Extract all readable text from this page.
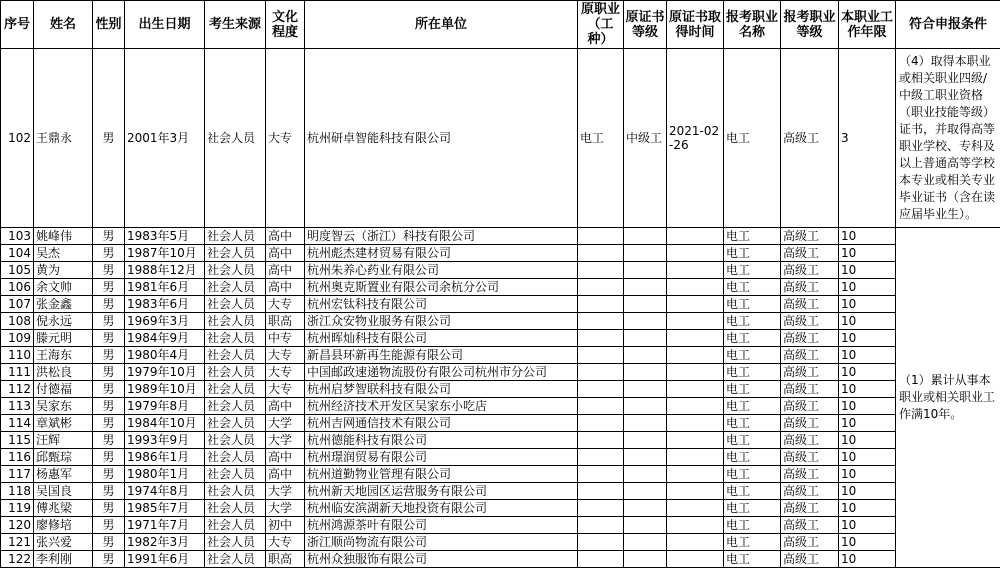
序号	姓名	性别	出生日期	考生来源	文化程度	所在单位	原职业（工种）	原证书等级	原证书取得时间	报考职业名称	报考职业等级	本职业工作年限	符合申报条件
102	王鼎永	男	2001年3月	社会人员	大专	杭州研卓智能科技有限公司	电工	中级工	2021-02-26	电工	高级工	3	（4）取得本职业或相关职业四级/中级工职业资格（职业技能等级）证书，并取得高等职业学校、专科及以上普通高等学校本专业或相关专业毕业证书（含在读应届毕业生）。
103	姚峰伟	男	1983年5月	社会人员	高中	明度智云（浙江）科技有限公司				电工	高级工	10	（1）累计从事本职业或相关职业工作满10年。
104	吴杰	男	1987年10月	社会人员	高中	杭州彪杰建材贸易有限公司				电工	高级工	10	
105	黄为	男	1988年12月	社会人员	高中	杭州朱养心药业有限公司				电工	高级工	10	
106	余文帅	男	1981年6月	社会人员	高中	杭州奥克斯置业有限公司余杭分公司				电工	高级工	10	
107	张金鑫	男	1983年6月	社会人员	大专	杭州宏钛科技有限公司				电工	高级工	10	
108	倪永远	男	1969年3月	社会人员	职高	浙江众安物业服务有限公司				电工	高级工	10	
109	滕元明	男	1984年9月	社会人员	中专	杭州晖灿科技有限公司				电工	高级工	10	
110	王海东	男	1980年4月	社会人员	大专	新昌县环新再生能源有限公司				电工	高级工	10	
111	洪松良	男	1979年10月	社会人员	大专	中国邮政速递物流股份有限公司杭州市分公司				电工	高级工	10	
112	付德福	男	1989年10月	社会人员	大专	杭州启梦智联科技有限公司				电工	高级工	10	
113	吴家东	男	1979年8月	社会人员	高中	杭州经济技术开发区吴家东小吃店				电工	高级工	10	
114	章斌彬	男	1984年10月	社会人员	大学	杭州吉网通信技术有限公司				电工	高级工	10	
115	汪辉	男	1993年9月	社会人员	大学	杭州德能科技有限公司				电工	高级工	10	
116	邱甄琮	男	1986年1月	社会人员	高中	杭州璟润贸易有限公司				电工	高级工	10	
117	杨惠军	男	1980年1月	社会人员	高中	杭州道勤物业管理有限公司				电工	高级工	10	
118	吴国良	男	1974年8月	社会人员	大学	杭州新天地园区运营服务有限公司				电工	高级工	10	
119	傅兆梁	男	1985年7月	社会人员	大学	杭州临安滨湖新天地投资有限公司				电工	高级工	10	
120	廖修培	男	1971年7月	社会人员	初中	杭州鸿源茶叶有限公司				电工	高级工	10	
121	张兴爱	男	1982年3月	社会人员	大专	浙江顺尚物流有限公司				电工	高级工	10	
122	李利刚	男	1991年6月	社会人员	职高	杭州众独服饰有限公司				电工	高级工	10	
